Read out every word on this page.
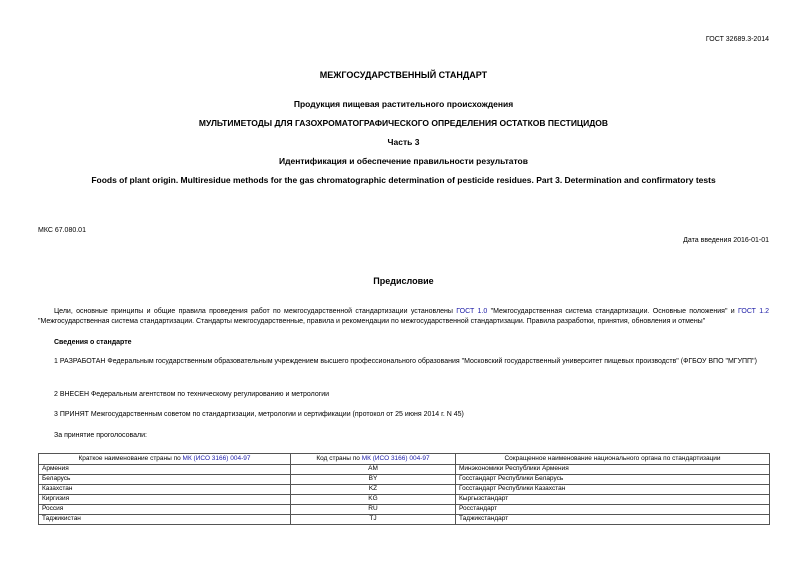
ГОСТ 32689.3-2014
МЕЖГОСУДАРСТВЕННЫЙ СТАНДАРТ
Продукция пищевая растительного происхождения
МУЛЬТИМЕТОДЫ ДЛЯ ГАЗОХРОМАТОГРАФИЧЕСКОГО ОПРЕДЕЛЕНИЯ ОСТАТКОВ ПЕСТИЦИДОВ
Часть 3
Идентификация и обеспечение правильности результатов
Foods of plant origin. Multiresidue methods for the gas chromatographic determination of pesticide residues. Part 3. Determination and confirmatory tests
МКС 67.080.01
Дата введения 2016-01-01
Предисловие
Цели, основные принципы и общие правила проведения работ по межгосударственной стандартизации установлены ГОСТ 1.0 "Межгосударственная система стандартизации. Основные положения" и ГОСТ 1.2 "Межгосударственная система стандартизации. Стандарты межгосударственные, правила и рекомендации по межгосударственной стандартизации. Правила разработки, принятия, обновления и отмены"
Сведения о стандарте
1 РАЗРАБОТАН Федеральным государственным образовательным учреждением высшего профессионального образования "Московский государственный университет пищевых производств" (ФГБОУ ВПО "МГУПП")
2 ВНЕСЕН Федеральным агентством по техническому регулированию и метрологии
3 ПРИНЯТ Межгосударственным советом по стандартизации, метрологии и сертификации (протокол от 25 июня 2014 г. N 45)
За принятие проголосовали:
Краткое наименование страны по МК (ИСО 3166) 004-97	Код страны по МК (ИСО 3166) 004-97	Сокращенное наименование национального органа по стандартизации
Армения	AM	Минэкономики Республики Армения
Беларусь	BY	Госстандарт Республики Беларусь
Казахстан	KZ	Госстандарт Республики Казахстан
Киргизия	KG	Кыргызстандарт
Россия	RU	Росстандарт
Таджикистан	TJ	Таджикстандарт
